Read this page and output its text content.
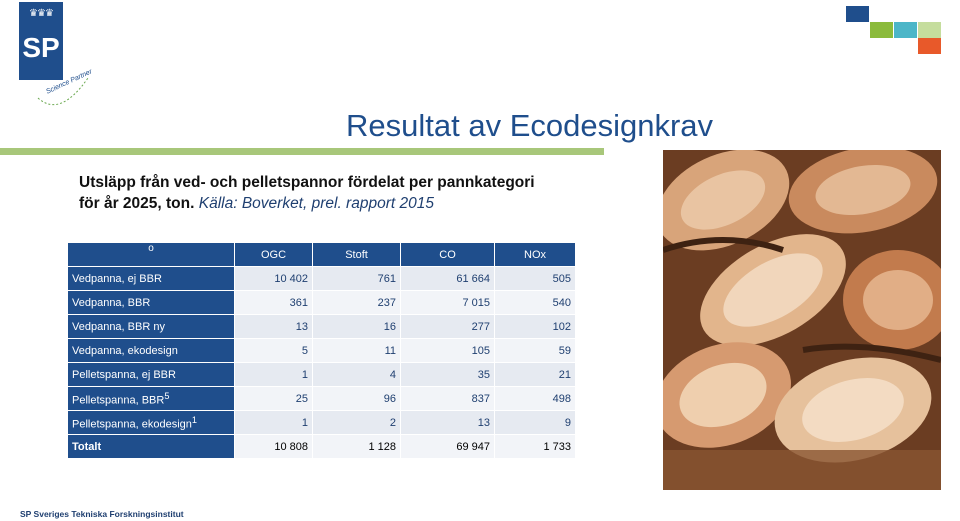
♛♛♛
SP
Science Partner
Resultat av Ecodesignkrav
Utsläpp från ved- och pelletspannor fördelat per pannkategori för år 2025, ton. Källa: Boverket, prel. rapport 2015
o	OGC	Stoft	CO	NOx
Vedpanna, ej BBR	10 402	761	61 664	505
Vedpanna, BBR	361	237	7 015	540
Vedpanna, BBR ny	13	16	277	102
Vedpanna, ekodesign	5	11	105	59
Pelletspanna, ej BBR	1	4	35	21
Pelletspanna, BBR$^5$	25	96	837	498
Pelletspanna, ekodesign$^1$	1	2	13	9
Totalt	10 808	1 128	69 947	1 733
SP Sveriges Tekniska Forskningsinstitut
